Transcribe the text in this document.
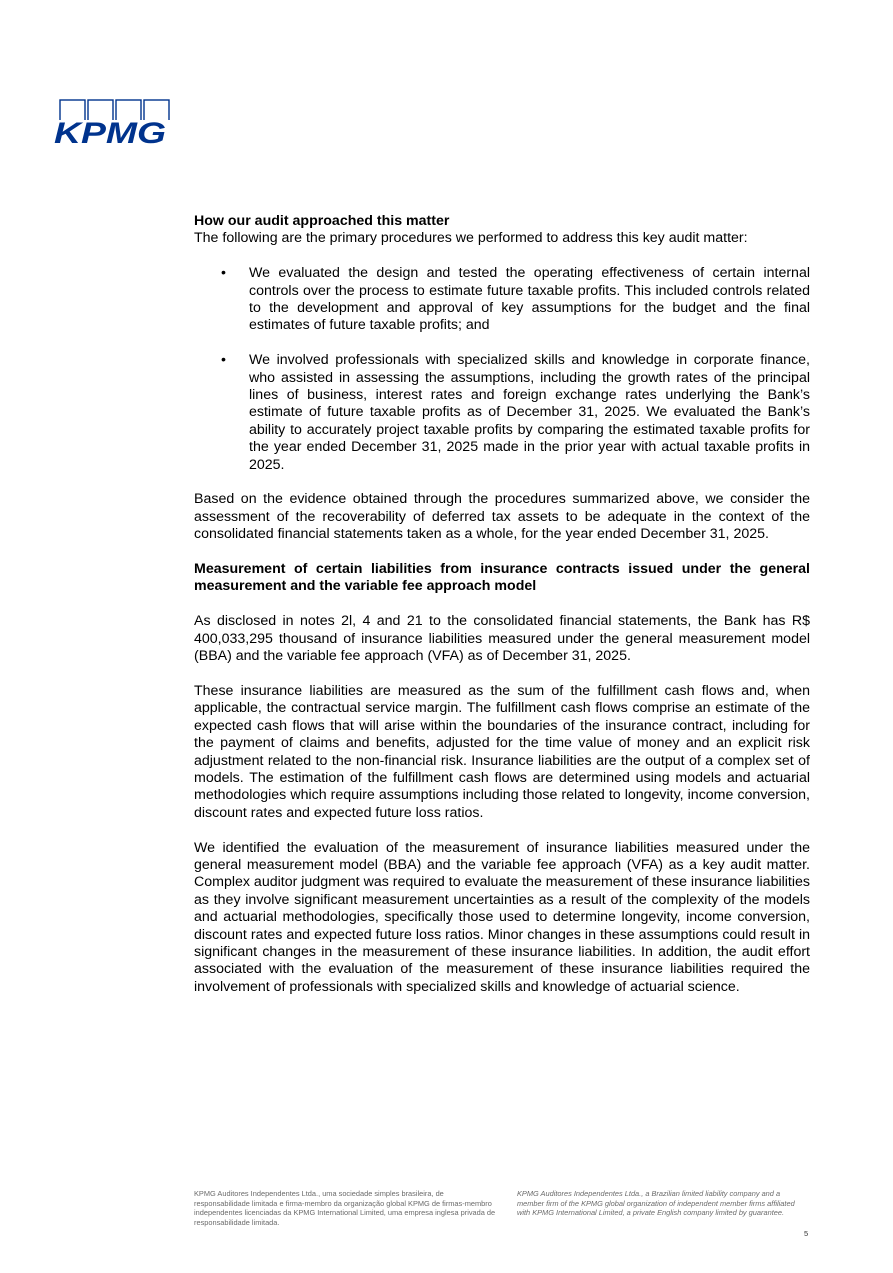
KPMG

How our audit approached this matter

The following are the primary procedures we performed to address this key audit matter:

• We evaluated the design and tested the operating effectiveness of certain internal controls over the process to estimate future taxable profits. This included controls related to the development and approval of key assumptions for the budget and the final estimates of future taxable profits; and
• We involved professionals with specialized skills and knowledge in corporate finance, who assisted in assessing the assumptions, including the growth rates of the principal lines of business, interest rates and foreign exchange rates underlying the Bank’s estimate of future taxable profits as of December 31, 2025. We evaluated the Bank’s ability to accurately project taxable profits by comparing the estimated taxable profits for the year ended December 31, 2025 made in the prior year with actual taxable profits in 2025.

Based on the evidence obtained through the procedures summarized above, we consider the assessment of the recoverability of deferred tax assets to be adequate in the context of the consolidated financial statements taken as a whole, for the year ended December 31, 2025.

Measurement of certain liabilities from insurance contracts issued under the general measurement and the variable fee approach model

As disclosed in notes 2l, 4 and 21 to the consolidated financial statements, the Bank has R$ 400,033,295 thousand of insurance liabilities measured under the general measurement model (BBA) and the variable fee approach (VFA) as of December 31, 2025.

These insurance liabilities are measured as the sum of the fulfillment cash flows and, when applicable, the contractual service margin. The fulfillment cash flows comprise an estimate of the expected cash flows that will arise within the boundaries of the insurance contract, including for the payment of claims and benefits, adjusted for the time value of money and an explicit risk adjustment related to the non-financial risk. Insurance liabilities are the output of a complex set of models. The estimation of the fulfillment cash flows are determined using models and actuarial methodologies which require assumptions including those related to longevity, income conversion, discount rates and expected future loss ratios.

We identified the evaluation of the measurement of insurance liabilities measured under the general measurement model (BBA) and the variable fee approach (VFA) as a key audit matter. Complex auditor judgment was required to evaluate the measurement of these insurance liabilities as they involve significant measurement uncertainties as a result of the complexity of the models and actuarial methodologies, specifically those used to determine longevity, income conversion, discount rates and expected future loss ratios. Minor changes in these assumptions could result in significant changes in the measurement of these insurance liabilities. In addition, the audit effort associated with the evaluation of the measurement of these insurance liabilities required the involvement of professionals with specialized skills and knowledge of actuarial science.

KPMG Auditores Independentes Ltda., uma sociedade simples brasileira, de responsabilidade limitada e firma-membro da organização global KPMG de firmas-membro independentes licenciadas da KPMG International Limited, uma empresa inglesa privada de responsabilidade limitada.
KPMG Auditores Independentes Ltda., a Brazilian limited liability company and a member firm of the KPMG global organization of independent member firms affiliated with KPMG International Limited, a private English company limited by guarantee.
5
